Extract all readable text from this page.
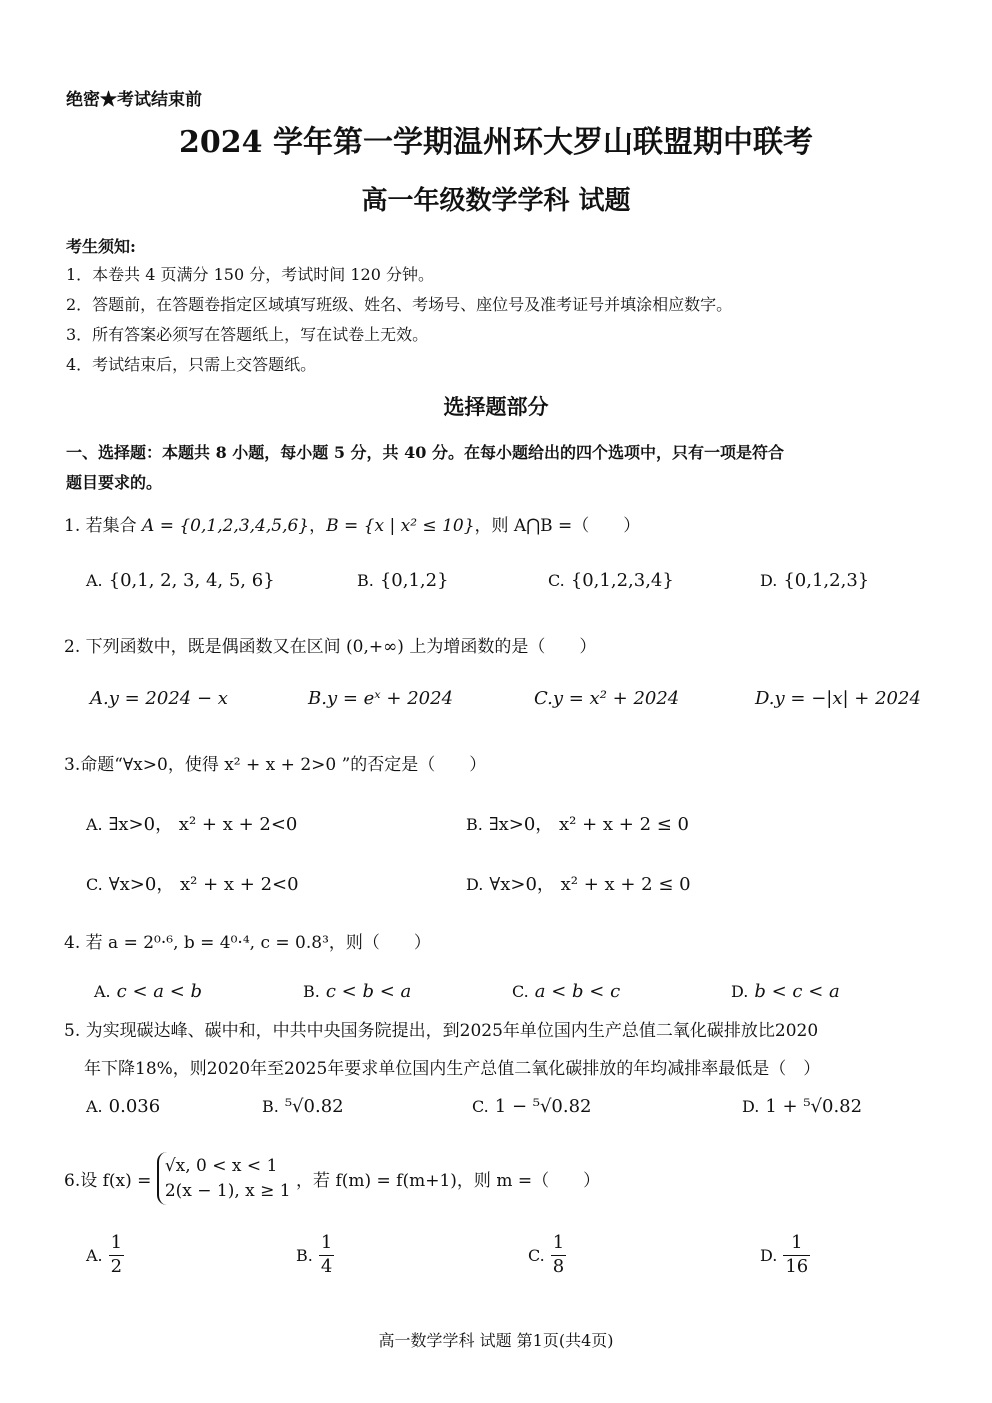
绝密★考试结束前
2024 学年第一学期温州环大罗山联盟期中联考
高一年级数学学科 试题
考生须知:
1．本卷共 4 页满分 150 分，考试时间 120 分钟。
2．答题前，在答题卷指定区域填写班级、姓名、考场号、座位号及准考证号并填涂相应数字。
3．所有答案必须写在答题纸上，写在试卷上无效。
4．考试结束后，只需上交答题纸。
选择题部分
一、选择题：本题共 8 小题，每小题 5 分，共 40 分。在每小题给出的四个选项中，只有一项是符合
题目要求的。
1. 若集合 A = {0,1,2,3,4,5,6}，B = {x | x² ≤ 10}，则 A⋂B =（　　）
A. {0,1, 2, 3, 4, 5, 6}	B. {0,1,2}	C. {0,1,2,3,4}	D. {0,1,2,3}
2. 下列函数中，既是偶函数又在区间 (0,+∞) 上为增函数的是（　　）
A.y = 2024 − x	B.y = eˣ + 2024	C.y = x² + 2024	D.y = −|x| + 2024
3.命题“∀x>0，使得 x² + x + 2>0 ”的否定是（　　）
A. ∃x>0， x² + x + 2<0	B. ∃x>0， x² + x + 2 ≤ 0
C. ∀x>0， x² + x + 2<0	D. ∀x>0， x² + x + 2 ≤ 0
4. 若 a = 2⁰·⁶, b = 4⁰·⁴, c = 0.8³，则（　　）
A. c < a < b	B. c < b < a	C. a < b < c	D. b < c < a
5. 为实现碳达峰、碳中和，中共中央国务院提出，到2025年单位国内生产总值二氧化碳排放比2020
年下降18%，则2020年至2025年要求单位国内生产总值二氧化碳排放的年均减排率最低是（　）
A. 0.036	B. ⁵√0.82	C. 1 − ⁵√0.82	D. 1 + ⁵√0.82
6.设 f(x) =
√x, 0 < x < 1
2(x − 1), x ≥ 1 ，若 f(m) = f(m+1)，则 m =（　　）
A. $\frac{1}{2}$	B. $\frac{1}{4}$	C. $\frac{1}{8}$	D. $\frac{1}{16}$
高一数学学科 试题 第1页(共4页)
